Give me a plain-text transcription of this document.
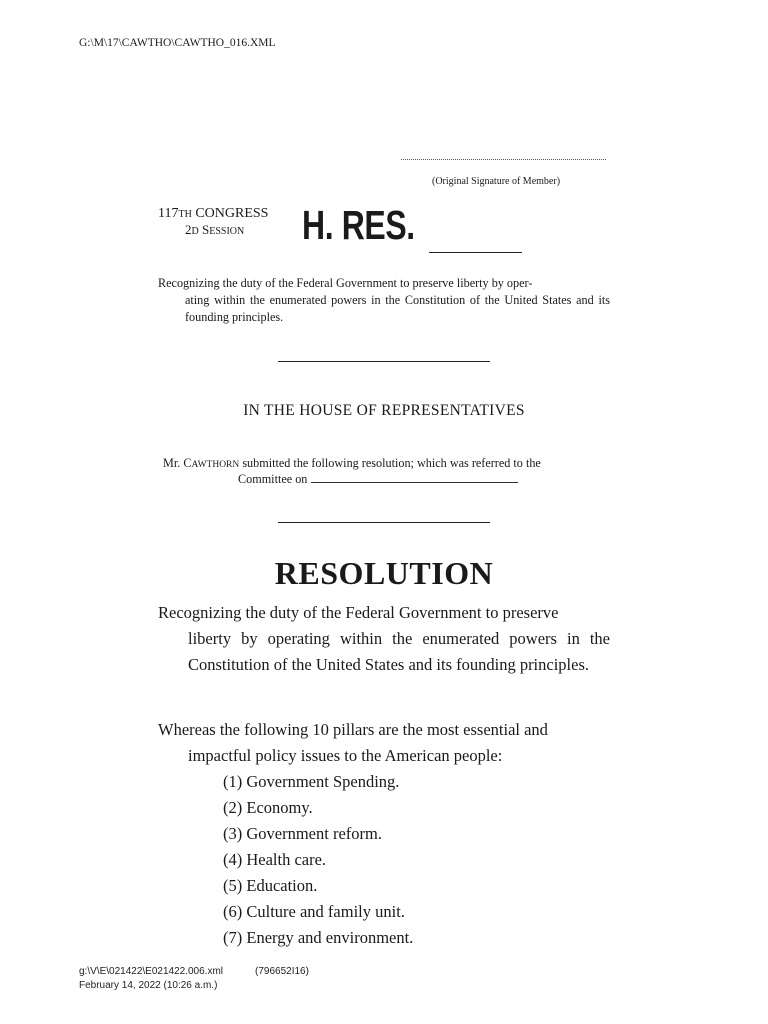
G:\M\17\CAWTHO\CAWTHO_016.XML
(Original Signature of Member)
117TH CONGRESS
2D SESSION H. RES.
Recognizing the duty of the Federal Government to preserve liberty by oper-
ating within the enumerated powers in the Constitution of the United States and its founding principles.
IN THE HOUSE OF REPRESENTATIVES
Mr. CAWTHORN submitted the following resolution; which was referred to the
Committee on
RESOLUTION
Recognizing the duty of the Federal Government to preserve
liberty by operating within the enumerated powers in the Constitution of the United States and its founding principles.
Whereas the following 10 pillars are the most essential and
impactful policy issues to the American people:
(1) Government Spending.
(2) Economy.
(3) Government reform.
(4) Health care.
(5) Education.
(6) Culture and family unit.
(7) Energy and environment.
g:\V\E\021422\E021422.006.xml	(796652I16)
February 14, 2022 (10:26 a.m.)
